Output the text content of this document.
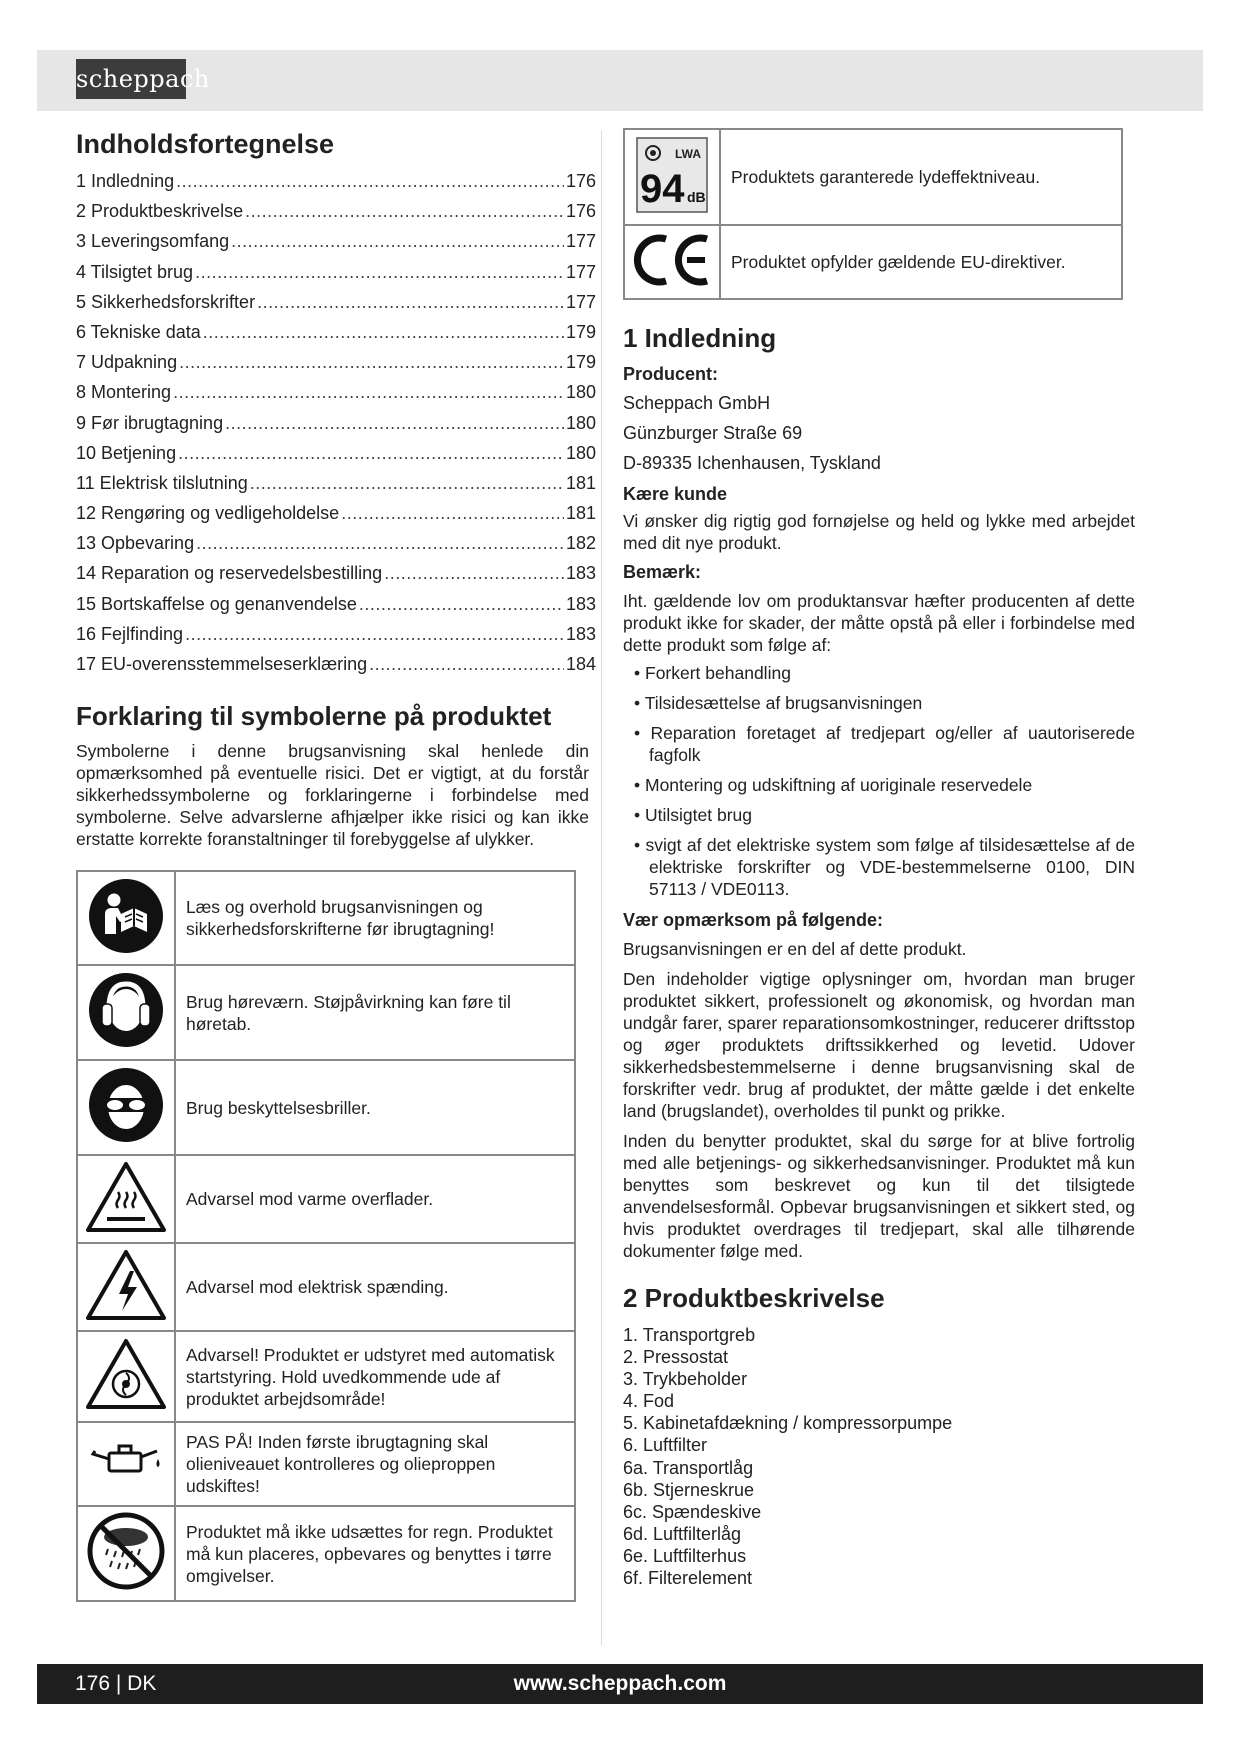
scheppach
Indholdsfortegnelse
1 Indledning .....	176
2 Produktbeskrivelse .....	176
3 Leveringsomfang .....	177
4 Tilsigtet brug .....	177
5 Sikkerhedsforskrifter .....	177
6 Tekniske data .....	179
7 Udpakning .....	179
8 Montering .....	180
9 Før ibrugtagning .....	180
10 Betjening .....	180
11 Elektrisk tilslutning .....	181
12 Rengøring og vedligeholdelse .....	181
13 Opbevaring .....	182
14 Reparation og reservedelsbestilling .....	183
15 Bortskaffelse og genanvendelse .....	183
16 Fejlfinding .....	183
17 EU-overensstemmelseserklæring .....	184
Forklaring til symbolerne på produktet

Symbolerne i denne brugsanvisning skal henlede din opmærksomhed på eventuelle risici. Det er vigtigt, at du forstår sikkerhedssymbolerne og forklaringerne i forbindelse med symbolerne. Selve advarslerne afhjælper ikke risici og kan ikke erstatte korrekte foranstaltninger til forebyggelse af ulykker.

	Læs og overhold brugsanvisningen og sikkerhedsforskrifterne før ibrugtagning!
	Brug høreværn. Støjpåvirkning kan føre til høretab.
	Brug beskyttelsesbriller.
	Advarsel mod varme overflader.
	Advarsel mod elektrisk spænding.
	Advarsel! Produktet er udstyret med automatisk startstyring. Hold uvedkommende ude af produktet arbejdsområde!
	PAS PÅ! Inden første ibrugtagning skal olieniveauet kontrolleres og olieproppen udskiftes!
	Produktet må ikke udsættes for regn. Produktet må kun placeres, opbevares og benyttes i tørre omgivelser.
LWA
94 dB	Produktets garanterede lydeffektniveau.
	Produktet opfylder gældende EU-direktiver.
1 Indledning

Producent:

Scheppach GmbH

Günzburger Straße 69

D-89335 Ichenhausen, Tyskland

Kære kunde

Vi ønsker dig rigtig god fornøjelse og held og lykke med arbejdet med dit nye produkt.

Bemærk:

Iht. gældende lov om produktansvar hæfter producenten af dette produkt ikke for skader, der måtte opstå på eller i forbindelse med dette produkt som følge af:

• Forkert behandling
• Tilsidesættelse af brugsanvisningen
• Reparation foretaget af tredjepart og/eller af uautoriserede fagfolk
• Montering og udskiftning af uoriginale reservedele
• Utilsigtet brug
• svigt af det elektriske system som følge af tilsidesættelse af de elektriske forskrifter og VDE-bestemmelserne 0100, DIN 57113 / VDE0113.

Vær opmærksom på følgende:

Brugsanvisningen er en del af dette produkt.

Den indeholder vigtige oplysninger om, hvordan man bruger produktet sikkert, professionelt og økonomisk, og hvordan man undgår farer, sparer reparationsomkostninger, reducerer driftsstop og øger produktets driftssikkerhed og levetid. Udover sikkerhedsbestemmelserne i denne brugsanvisning skal de forskrifter vedr. brug af produktet, der måtte gælde i det enkelte land (brugslandet), overholdes til punkt og prikke.

Inden du benytter produktet, skal du sørge for at blive fortrolig med alle betjenings- og sikkerhedsanvisninger. Produktet må kun benyttes som beskrevet og kun til det tilsigtede anvendelsesformål. Opbevar brugsanvisningen et sikkert sted, og hvis produktet overdrages til tredjepart, skal alle tilhørende dokumenter følge med.

2 Produktbeskrivelse
1. Transportgreb
2. Pressostat
3. Trykbeholder
4. Fod
5. Kabinetafdækning / kompressorpumpe
6. Luftfilter
6a. Transportlåg
6b. Stjerneskrue
6c. Spændeskive
6d. Luftfilterlåg
6e. Luftfilterhus
6f. Filterelement
www.scheppach.com
176 | DK
